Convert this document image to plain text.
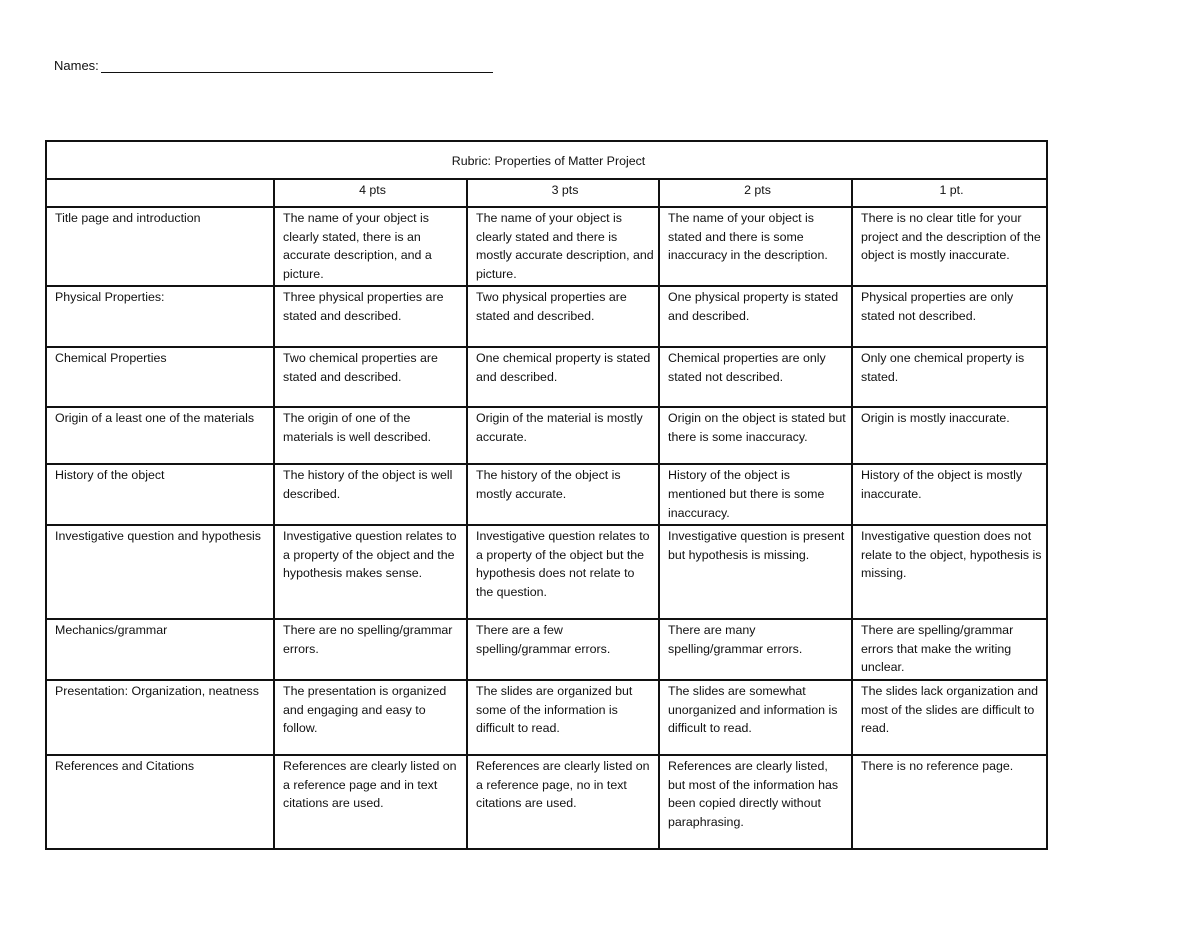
Names:
Rubric: Properties of Matter Project				
	4 pts	3 pts	2 pts	1 pt.
Title page and introduction	The name of your object is clearly stated, there is an accurate description, and a picture.	The name of your object is clearly stated and there is mostly accurate description, and picture.	The name of your object is stated and there is some inaccuracy in the description.	There is no clear title for your project and the description of the object is mostly inaccurate.
Physical Properties:	Three physical properties are stated and described.	Two physical properties are stated and described.	One physical property is stated and described.	Physical properties are only stated not described.
Chemical Properties	Two chemical properties are stated and described.	One chemical property is stated and described.	Chemical properties are only stated not described.	Only one chemical property is stated.
Origin of a least one of the materials	The origin of one of the materials is well described.	Origin of the material is mostly accurate.	Origin on the object is stated but there is some inaccuracy.	Origin is mostly inaccurate.
History of the object	The history of the object is well described.	The history of the object is mostly accurate.	History of the object is mentioned but there is some inaccuracy.	History of the object is mostly inaccurate.
Investigative question and hypothesis	Investigative question relates to a property of the object and the hypothesis makes sense.	Investigative question relates to a property of the object but the hypothesis does not relate to the question.	Investigative question is present but hypothesis is missing.	Investigative question does not relate to the object, hypothesis is missing.
Mechanics/grammar	There are no spelling/grammar errors.	There are a few spelling/grammar errors.	There are many spelling/grammar errors.	There are spelling/grammar errors that make the writing unclear.
Presentation: Organization, neatness	The presentation is organized and engaging and easy to follow.	The slides are organized but some of the information is difficult to read.	The slides are somewhat unorganized and information is difficult to read.	The slides lack organization and most of the slides are difficult to read.
References and Citations	References are clearly listed on a reference page and in text citations are used.	References are clearly listed on a reference page, no in text citations are used.	References are clearly listed, but most of the information has been copied directly without paraphrasing.	There is no reference page.
